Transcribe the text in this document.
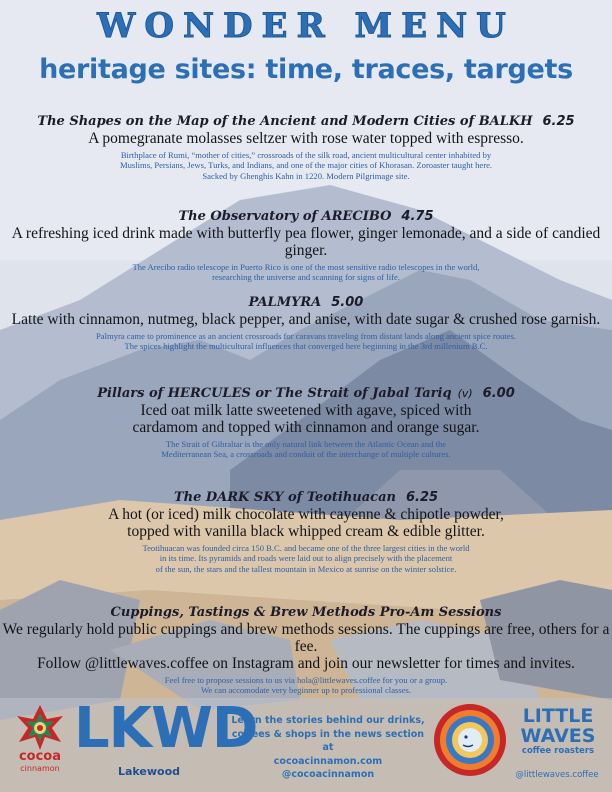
WONDER MENU
heritage sites: time, traces, targets
The Shapes on the Map of the Ancient and Modern Cities of BALKH 6.25
A pomegranate molasses seltzer with rose water topped with espresso.
Birthplace of Rumi, “mother of cities,” crossroads of the silk road, ancient multicultural center inhabited by
Muslims, Persians, Jews, Turks, and Indians, and one of the major cities of Khorasan. Zoroaster taught here.
Sacked by Ghenghis Kahn in 1220. Modern Pilgrimage site.
The Observatory of ARECIBO 4.75
A refreshing iced drink made with butterfly pea flower, ginger lemonade, and a side of candied ginger.
The Arecibo radio telescope in Puerto Rico is one of the most sensitive radio telescopes in the world,
researching the universe and scanning for signs of life.
PALMYRA 5.00
Latte with cinnamon, nutmeg, black pepper, and anise, with date sugar & crushed rose garnish.
Palmyra came to prominence as an ancient crossroads for caravans traveling from distant lands along ancient spice routes.
The spices highlight the multicultural influences that converged here beginning in the 3rd millenium B.C.
Pillars of HERCULES or The Strait of Jabal Tariq (v) 6.00
Iced oat milk latte sweetened with agave, spiced with
cardamom and topped with cinnamon and orange sugar.
The Strait of Gibraltar is the only natural link between the Atlantic Ocean and the
Mediterranean Sea, a crossroads and conduit of the interchange of multiple cultures.
The DARK SKY of Teotihuacan 6.25
A hot (or iced) milk chocolate with cayenne & chipotle powder,
topped with vanilla black whipped cream & edible glitter.
Teotihuacan was founded circa 150 B.C. and became one of the three largest cities in the world
in its time. Its pyramids and roads were laid out to align precisely with the placement
of the sun, the stars and the tallest mountain in Mexico at sunrise on the winter solstice.
Cuppings, Tastings & Brew Methods Pro-Am Sessions
We regularly hold public cuppings and brew methods sessions. The cuppings are free, others for a fee.
Follow @littlewaves.coffee on Instagram and join our newsletter for times and invites.
Feel free to propose sessions to us via hola@littlewaves.coffee for you or a group.
We can accomodate very beginner up to professional classes.
cocoa
cinnamon
LKWD
Lakewood
Learn the stories behind our drinks,
coffees & shops in the news section at
cocoacinnamon.com
@cocoacinnamon
LITTLE
WAVES
coffee roasters
@littlewaves.coffee
